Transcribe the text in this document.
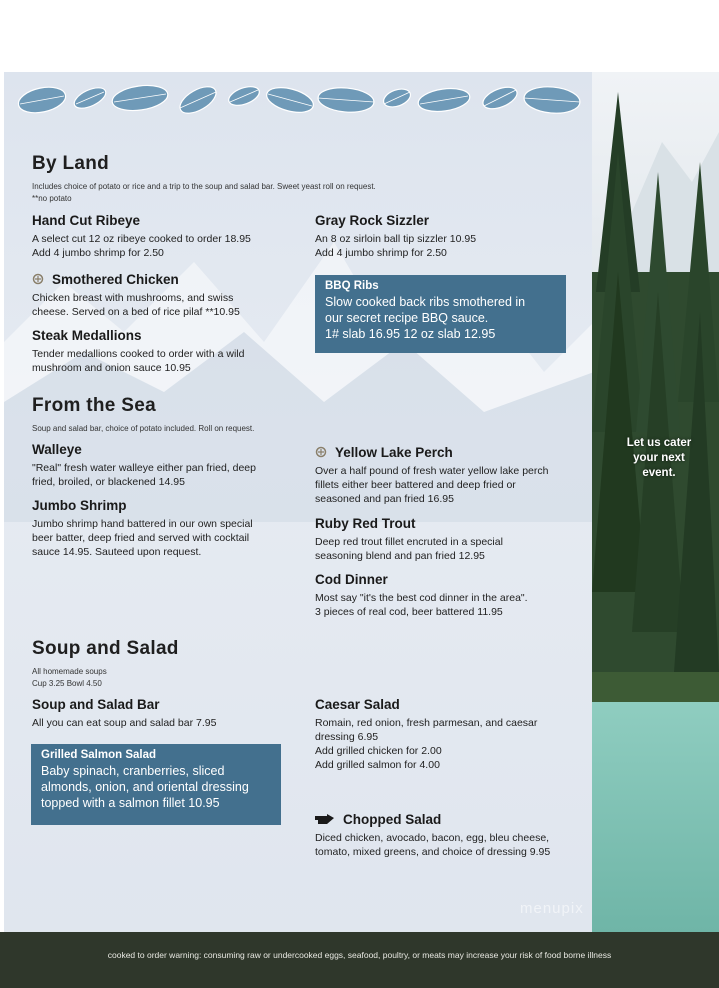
Let us cater
your next
event.
By Land
Includes choice of potato or rice and a trip to the soup and salad bar. Sweet yeast roll on request.
**no potato
Hand Cut Ribeye
A select cut 12 oz ribeye cooked to order 18.95
Add 4 jumbo shrimp for 2.50
Gray Rock Sizzler
An 8 oz sirloin ball tip sizzler 10.95
Add 4 jumbo shrimp for 2.50
Smothered Chicken
Chicken breast with mushrooms, and swiss
cheese. Served on a bed of rice pilaf **10.95
Steak Medallions
Tender medallions cooked to order with a wild
mushroom and onion sauce 10.95
BBQ Ribs
Slow cooked back ribs smothered in
our secret recipe BBQ sauce.
1# slab 16.95 12 oz slab 12.95
From the Sea
Soup and salad bar, choice of potato included. Roll on request.
Walleye
"Real" fresh water walleye either pan fried, deep
fried, broiled, or blackened 14.95
Jumbo Shrimp
Jumbo shrimp hand battered in our own special
beer batter, deep fried and served with cocktail
sauce 14.95. Sauteed upon request.
Yellow Lake Perch
Over a half pound of fresh water yellow lake perch
fillets either beer battered and deep fried or
seasoned and pan fried 16.95
Ruby Red Trout
Deep red trout fillet encruted in a special
seasoning blend and pan fried 12.95
Cod Dinner
Most say "it's the best cod dinner in the area".
3 pieces of real cod, beer battered 11.95
Soup and Salad
All homemade soups
Cup 3.25 Bowl 4.50
Soup and Salad Bar
All you can eat soup and salad bar 7.95
Grilled Salmon Salad
Baby spinach, cranberries, sliced
almonds, onion, and oriental dressing
topped with a salmon fillet 10.95
Caesar Salad
Romain, red onion, fresh parmesan, and caesar
dressing 6.95
Add grilled chicken for 2.00
Add grilled salmon for 4.00
Chopped Salad
Diced chicken, avocado, bacon, egg, bleu cheese,
tomato, mixed greens, and choice of dressing 9.95
menupix
cooked to order warning: consuming raw or undercooked eggs, seafood, poultry, or meats may increase your risk of food borne illness
